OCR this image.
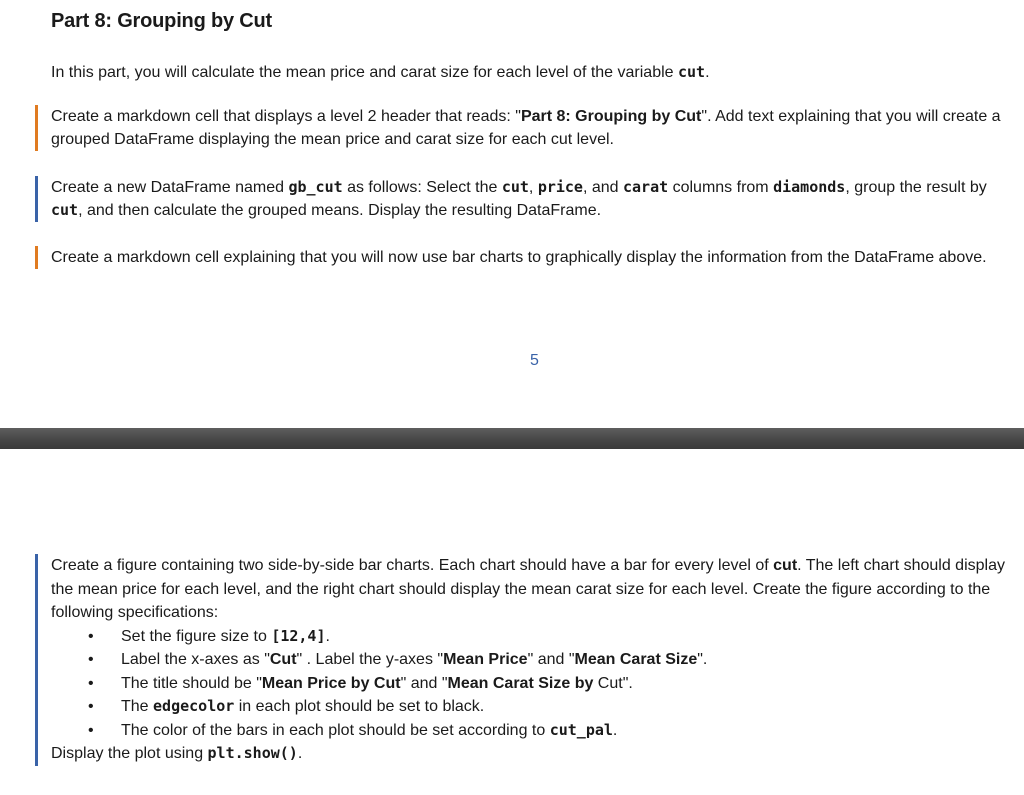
Part 8: Grouping by Cut

In this part, you will calculate the mean price and carat size for each level of the variable cut.

Create a markdown cell that displays a level 2 header that reads: "Part 8: Grouping by Cut". Add text explaining that you will create a grouped DataFrame displaying the mean price and carat size for each cut level.

Create a new DataFrame named gb_cut as follows: Select the cut, price, and carat columns from diamonds, group the result by cut, and then calculate the grouped means. Display the resulting DataFrame.

Create a markdown cell explaining that you will now use bar charts to graphically display the information from the DataFrame above.

5

Create a figure containing two side-by-side bar charts. Each chart should have a bar for every level of cut. The left chart should display the mean price for each level, and the right chart should display the mean carat size for each level. Create the figure according to the following specifications:

• Set the figure size to [12,4].
• Label the x-axes as "Cut" . Label the y-axes "Mean Price" and "Mean Carat Size".
• The title should be "Mean Price by Cut" and "Mean Carat Size by Cut".
• The edgecolor in each plot should be set to black.
• The color of the bars in each plot should be set according to cut_pal.

Display the plot using plt.show().
